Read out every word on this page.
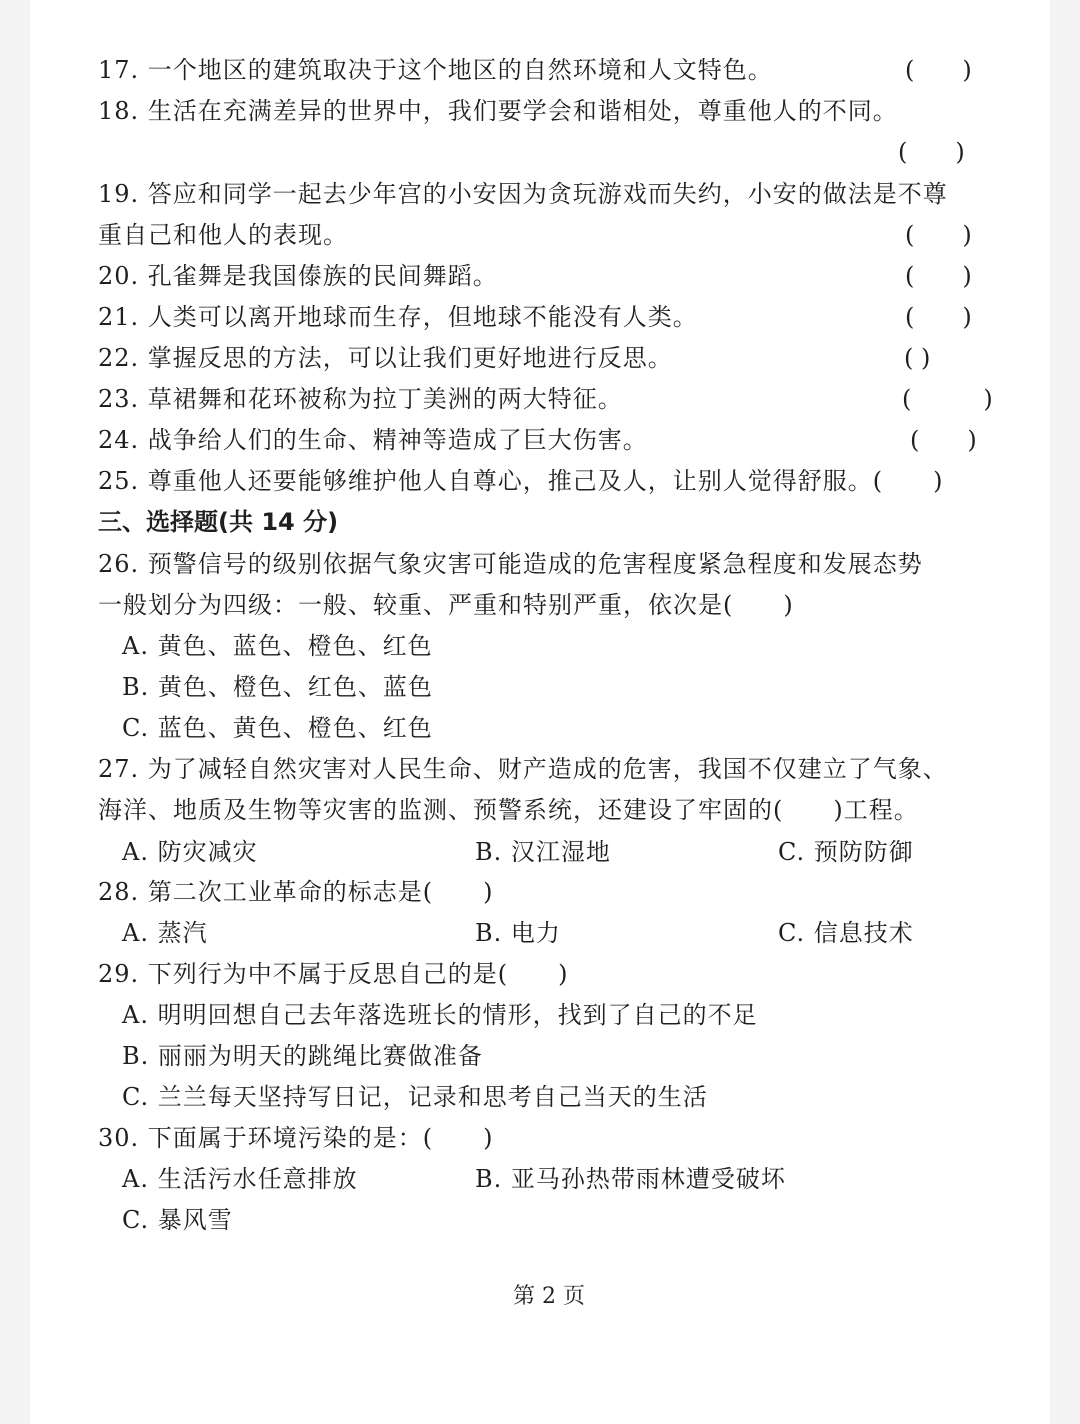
17. 一个地区的建筑取决于这个地区的自然环境和人文特色。	(　　)
18. 生活在充满差异的世界中，我们要学会和谐相处，尊重他人的不同。
(　　)
19. 答应和同学一起去少年宫的小安因为贪玩游戏而失约，小安的做法是不尊
重自己和他人的表现。	(　　)
20. 孔雀舞是我国傣族的民间舞蹈。	(　　)
21. 人类可以离开地球而生存，但地球不能没有人类。	(　　)
22. 掌握反思的方法，可以让我们更好地进行反思。	( )
23. 草裙舞和花环被称为拉丁美洲的两大特征。	(　　　)
24. 战争给人们的生命、精神等造成了巨大伤害。	(　　)
25. 尊重他人还要能够维护他人自尊心，推己及人，让别人觉得舒服。(　　)
三、选择题(共 14 分)
26. 预警信号的级别依据气象灾害可能造成的危害程度紧急程度和发展态势
一般划分为四级：一般、较重、严重和特别严重，依次是(　　)
A. 黄色、蓝色、橙色、红色
B. 黄色、橙色、红色、蓝色
C. 蓝色、黄色、橙色、红色
27. 为了减轻自然灾害对人民生命、财产造成的危害，我国不仅建立了气象、
海洋、地质及生物等灾害的监测、预警系统，还建设了牢固的(　　)工程。
A. 防灾减灾	B. 汉江湿地	C. 预防防御
28. 第二次工业革命的标志是(　　)
A. 蒸汽	B. 电力	C. 信息技术
29. 下列行为中不属于反思自己的是(　　)
A. 明明回想自己去年落选班长的情形，找到了自己的不足
B. 丽丽为明天的跳绳比赛做准备
C. 兰兰每天坚持写日记，记录和思考自己当天的生活
30. 下面属于环境污染的是：(　　)
A. 生活污水任意排放	B. 亚马孙热带雨林遭受破坏
C. 暴风雪
第 2 页
